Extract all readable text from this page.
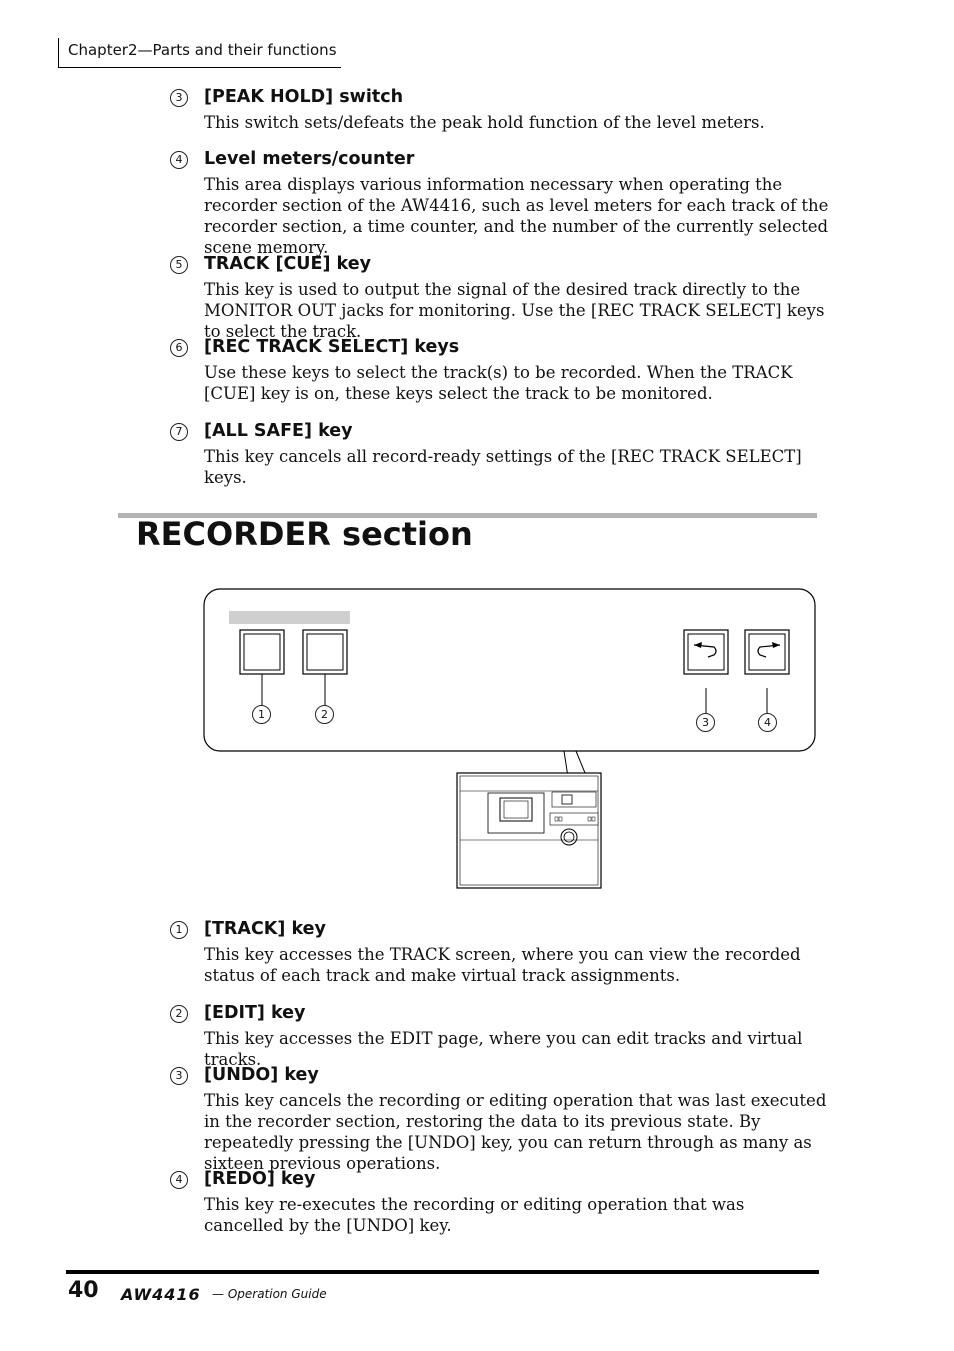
Chapter2—Parts and their functions
3	[PEAK HOLD] switch
This switch sets/defeats the peak hold function of the level meters.
4	Level meters/counter
This area displays various information necessary when operating the recorder section of the AW4416, such as level meters for each track of the recorder section, a time counter, and the number of the currently selected scene memory.
5	TRACK [CUE] key
This key is used to output the signal of the desired track directly to the MONITOR OUT jacks for monitoring. Use the [REC TRACK SELECT] keys to select the track.
6	[REC TRACK SELECT] keys
Use these keys to select the track(s) to be recorded. When the TRACK [CUE] key is on, these keys select the track to be monitored.
7	[ALL SAFE] key
This key cancels all record-ready settings of the [REC TRACK SELECT] keys.
RECORDER section
1	2
3	4
1	[TRACK] key
This key accesses the TRACK screen, where you can view the recorded status of each track and make virtual track assignments.
2	[EDIT] key
This key accesses the EDIT page, where you can edit tracks and virtual tracks.
3	[UNDO] key
This key cancels the recording or editing operation that was last executed in the recorder section, restoring the data to its previous state. By repeatedly pressing the [UNDO] key, you can return through as many as sixteen previous operations.
4	[REDO] key
This key re-executes the recording or editing operation that was cancelled by the [UNDO] key.
40 AW4416 — Operation Guide
